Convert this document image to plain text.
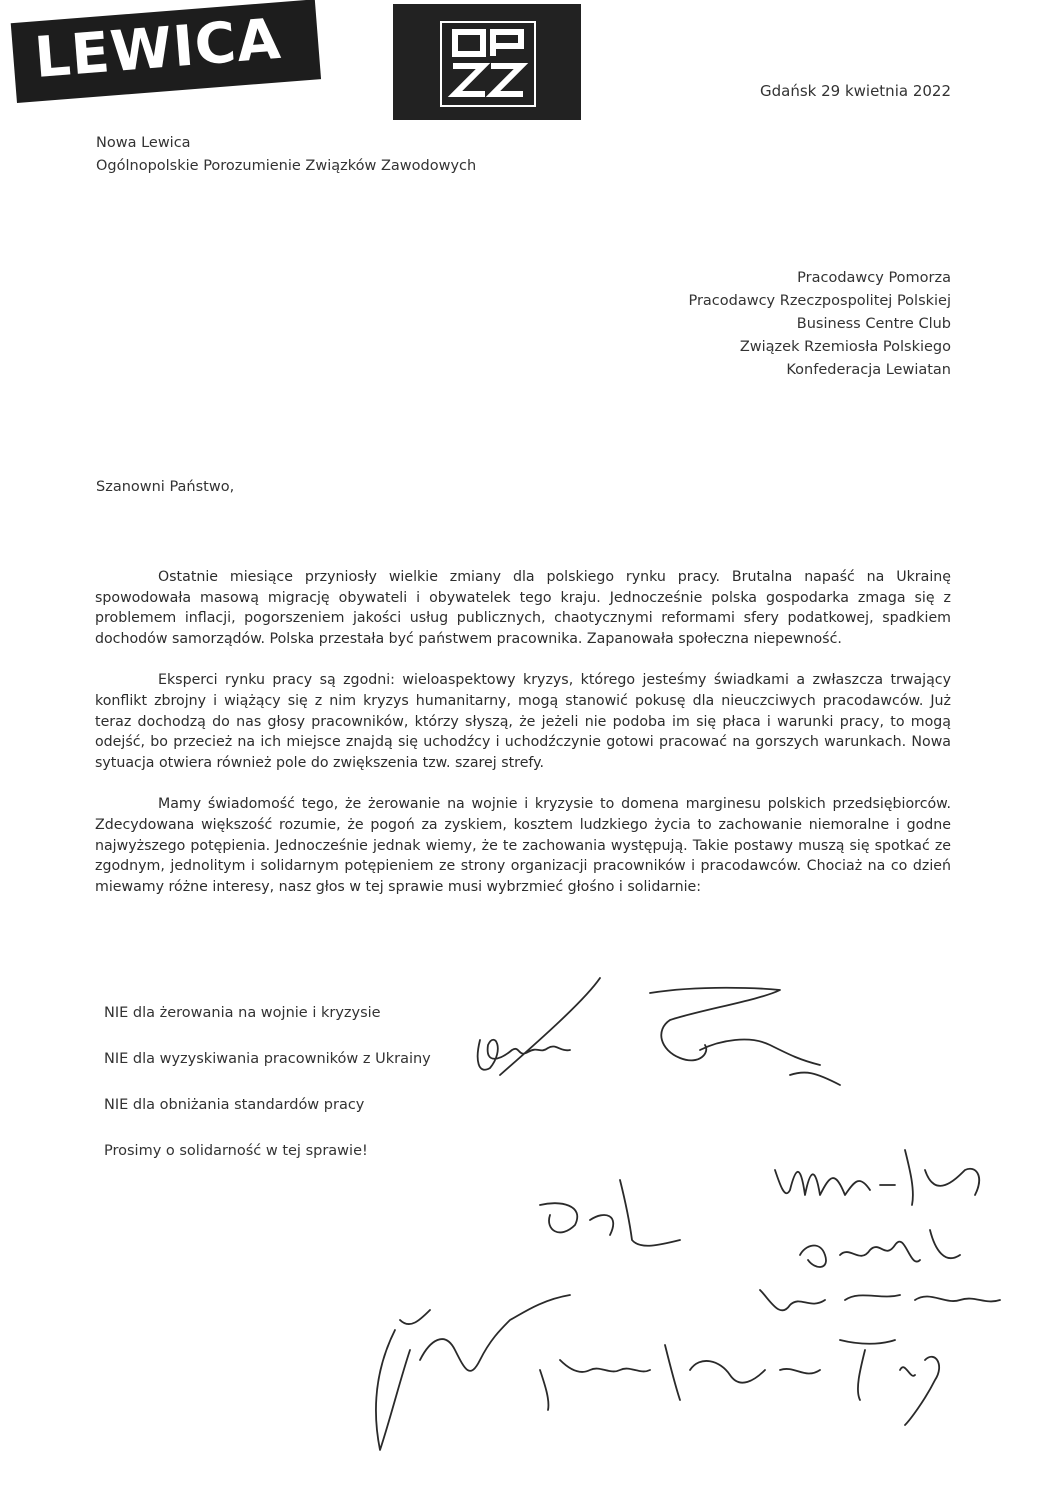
LEWICA
Gdańsk 29 kwietnia 2022
Nowa Lewica
Ogólnopolskie Porozumienie Związków Zawodowych
Pracodawcy Pomorza
Pracodawcy Rzeczpospolitej Polskiej
Business Centre Club
Związek Rzemiosła Polskiego
Konfederacja Lewiatan
Szanowni Państwo,

Ostatnie miesiące przyniosły wielkie zmiany dla polskiego rynku pracy. Brutalna napaść na Ukrainę spowodowała masową migrację obywateli i obywatelek tego kraju. Jednocześnie polska gospodarka zmaga się z problemem inflacji, pogorszeniem jakości usług publicznych, chaotycznymi reformami sfery podatkowej, spadkiem dochodów samorządów. Polska przestała być państwem pracownika. Zapanowała społeczna niepewność.

Eksperci rynku pracy są zgodni: wieloaspektowy kryzys, którego jesteśmy świadkami a zwłaszcza trwający konflikt zbrojny i wiążący się z nim kryzys humanitarny, mogą stanowić pokusę dla nieuczciwych pracodawców. Już teraz dochodzą do nas głosy pracowników, którzy słyszą, że jeżeli nie podoba im się płaca i warunki pracy, to mogą odejść, bo przecież na ich miejsce znajdą się uchodźcy i uchodźczynie gotowi pracować na gorszych warunkach. Nowa sytuacja otwiera również pole do zwiększenia tzw. szarej strefy.

Mamy świadomość tego, że żerowanie na wojnie i kryzysie to domena marginesu polskich przedsiębiorców. Zdecydowana większość rozumie, że pogoń za zyskiem, kosztem ludzkiego życia to zachowanie niemoralne i godne najwyższego potępienia. Jednocześnie jednak wiemy, że te zachowania występują. Takie postawy muszą się spotkać ze zgodnym, jednolitym i solidarnym potępieniem ze strony organizacji pracowników i pracodawców. Chociaż na co dzień miewamy różne interesy, nasz głos w tej sprawie musi wybrzmieć głośno i solidarnie:

NIE dla żerowania na wojnie i kryzysie
NIE dla wyzyskiwania pracowników z Ukrainy
NIE dla obniżania standardów pracy
Prosimy o solidarność w tej sprawie!
